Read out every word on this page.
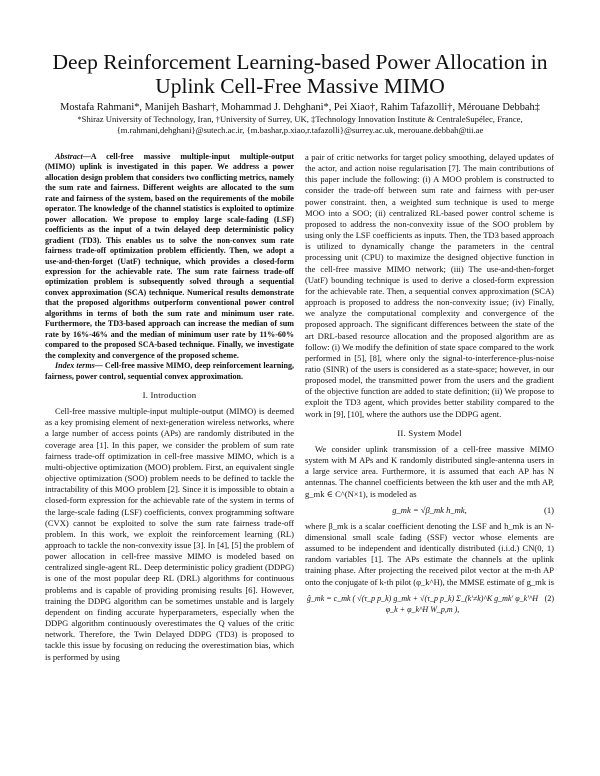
Deep Reinforcement Learning-based Power Allocation in Uplink Cell-Free Massive MIMO
Mostafa Rahmani*, Manijeh Bashar†, Mohammad J. Dehghani*, Pei Xiao†, Rahim Tafazolli†, Mérouane Debbah‡
*Shiraz University of Technology, Iran, †University of Surrey, UK, ‡Technology Innovation Institute & CentraleSupélec, France, {m.rahmani,dehghani}@sutech.ac.ir, {m.bashar,p.xiao,r.tafazolli}@surrey.ac.uk, merouane.debbah@tii.ae

Abstract—A cell-free massive multiple-input multiple-output (MIMO) uplink is investigated in this paper. We address a power allocation design problem that considers two conflicting metrics, namely the sum rate and fairness. Different weights are allocated to the sum rate and fairness of the system, based on the requirements of the mobile operator. The knowledge of the channel statistics is exploited to optimize power allocation. We propose to employ large scale-fading (LSF) coefficients as the input of a twin delayed deep deterministic policy gradient (TD3). This enables us to solve the non-convex sum rate fairness trade-off optimization problem efficiently. Then, we adopt a use-and-then-forget (UatF) technique, which provides a closed-form expression for the achievable rate. The sum rate fairness trade-off optimization problem is subsequently solved through a sequential convex approximation (SCA) technique. Numerical results demonstrate that the proposed algorithms outperform conventional power control algorithms in terms of both the sum rate and minimum user rate. Furthermore, the TD3-based approach can increase the median of sum rate by 16%-46% and the median of minimum user rate by 11%-60% compared to the proposed SCA-based technique. Finally, we investigate the complexity and convergence of the proposed scheme.

Index terms— Cell-free massive MIMO, deep reinforcement learning, fairness, power control, sequential convex approximation.

I. Introduction

Cell-free massive multiple-input multiple-output (MIMO) is deemed as a key promising element of next-generation wireless networks, where a large number of access points (APs) are randomly distributed in the coverage area [1]. In this paper, we consider the problem of sum rate fairness trade-off optimization in cell-free massive MIMO, which is a multi-objective optimization (MOO) problem. First, an equivalent single objective optimization (SOO) problem needs to be defined to tackle the intractability of this MOO problem [2]. Since it is impossible to obtain a closed-form expression for the achievable rate of the system in terms of the large-scale fading (LSF) coefficients, convex programming software (CVX) cannot be exploited to solve the sum rate fairness trade-off problem. In this work, we exploit the reinforcement learning (RL) approach to tackle the non-convexity issue [3]. In [4], [5] the problem of power allocation in cell-free massive MIMO is modeled based on centralized single-agent RL. Deep deterministic policy gradient (DDPG) is one of the most popular deep RL (DRL) algorithms for continuous problems and is capable of providing promising results [6]. However, training the DDPG algorithm can be sometimes unstable and is largely dependent on finding accurate hyperparameters, especially when the DDPG algorithm continuously overestimates the Q values of the critic network. Therefore, the Twin Delayed DDPG (TD3) is proposed to tackle this issue by focusing on reducing the overestimation bias, which is performed by using

a pair of critic networks for target policy smoothing, delayed updates of the actor, and action noise regularisation [7]. The main contributions of this paper include the following: (i) A MOO problem is constructed to consider the trade-off between sum rate and fairness with per-user power constraint. then, a weighted sum technique is used to merge MOO into a SOO; (ii) centralized RL-based power control scheme is proposed to address the non-convexity issue of the SOO problem by using only the LSF coefficients as inputs. Then, the TD3 based approach is utilized to dynamically change the parameters in the central processing unit (CPU) to maximize the designed objective function in the cell-free massive MIMO network; (iii) The use-and-then-forget (UatF) bounding technique is used to derive a closed-form expression for the achievable rate. Then, a sequential convex approximation (SCA) approach is proposed to address the non-convexity issue; (iv) Finally, we analyze the computational complexity and convergence of the proposed approach. The significant differences between the state of the art DRL-based resource allocation and the proposed algorithm are as follow: (i) We modify the definition of state space compared to the work performed in [5], [8], where only the signal-to-interference-plus-noise ratio (SINR) of the users is considered as a state-space; however, in our proposed model, the transmitted power from the users and the gradient of the objective function are added to state definition; (ii) We propose to exploit the TD3 agent, which provides better stability compared to the work in [9], [10], where the authors use the DDPG agent.

II. System Model

We consider uplink transmission of a cell-free massive MIMO system with M APs and K randomly distributed single-antenna users in a large service area. Furthermore, it is assumed that each AP has N antennas. The channel coefficients between the kth user and the mth AP, g_mk ∈ C^(N×1), is modeled as

g_mk = √β_mk h_mk,	(1)

where β_mk is a scalar coefficient denoting the LSF and h_mk is an N-dimensional small scale fading (SSF) vector whose elements are assumed to be independent and identically distributed (i.i.d.) CN(0, 1) random variables [1]. The APs estimate the channels at the uplink training phase. After projecting the received pilot vector at the m-th AP onto the conjugate of k-th pilot (φ_k^H), the MMSE estimate of g_mk is

ĝ_mk = c_mk ( √(τ_p p_k) g_mk + √(τ_p p_k) Σ_(k'≠k)^K g_mk' φ_k'^H φ_k + φ_k^H W_p,m ),
(2)
